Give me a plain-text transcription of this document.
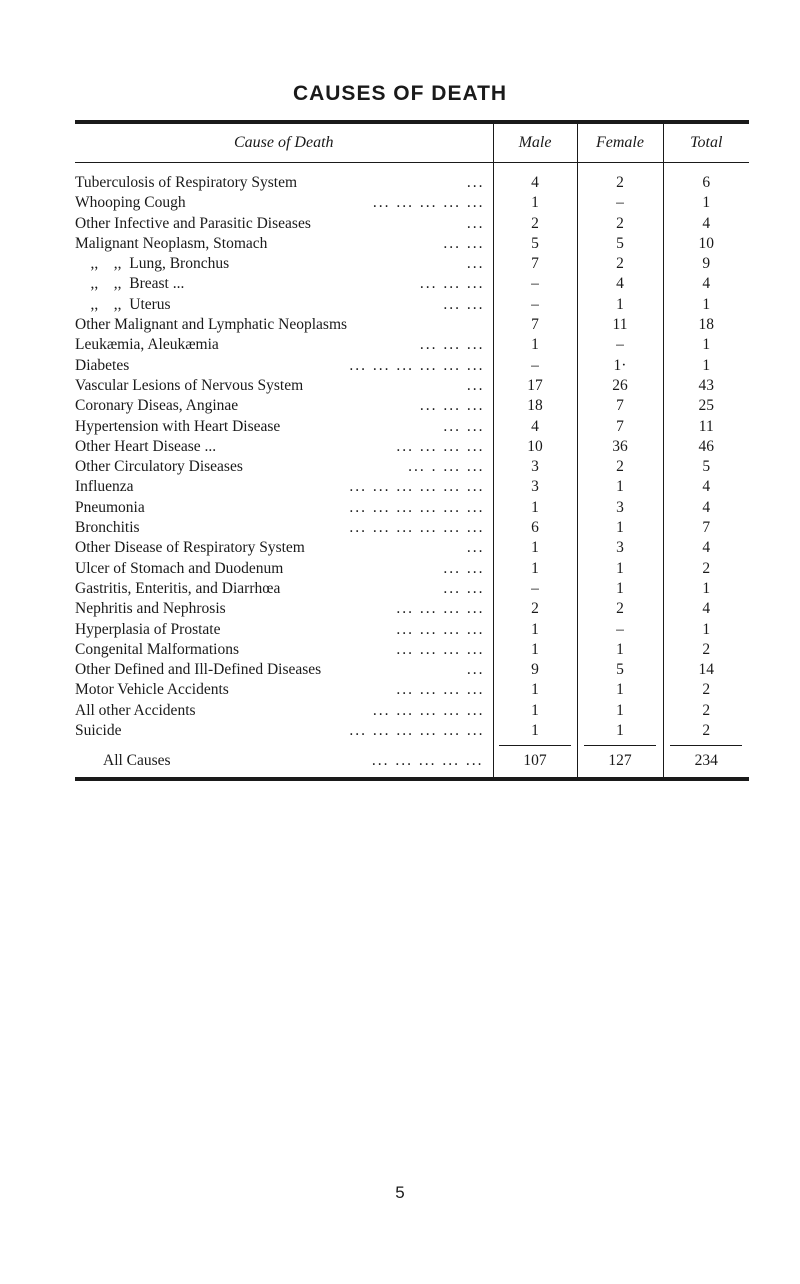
CAUSES OF DEATH
Cause of Death	Male	Female	Total

Tuberculosis of Respiratory System ...	4	2	6

Whooping Cough ... ... ... ... ...	1	–	1

Other Infective and Parasitic Diseases ...	2	2	4

Malignant Neoplasm, Stomach ... ...	5	5	10

,,    ,,  Lung, Bronchus ...	7	2	9

,,    ,,  Breast ... ... ... ...	–	4	4

,,    ,,  Uterus ... ...	–	1	1

Other Malignant and Lymphatic Neoplasms	7	11	18

Leukæmia, Aleukæmia ... ... ...	1	–	1

Diabetes ... ... ... ... ... ...	–	1·	1

Vascular Lesions of Nervous System ...	17	26	43

Coronary Diseas, Anginae ... ... ...	18	7	25

Hypertension with Heart Disease ... ...	4	7	11

Other Heart Disease ... ... ... ... ...	10	36	46

Other Circulatory Diseases ... . ... ...	3	2	5

Influenza ... ... ... ... ... ...	3	1	4

Pneumonia ... ... ... ... ... ...	1	3	4

Bronchitis ... ... ... ... ... ...	6	1	7

Other Disease of Respiratory System ...	1	3	4

Ulcer of Stomach and Duodenum ... ...	1	1	2

Gastritis, Enteritis, and Diarrhœa ... ...	–	1	1

Nephritis and Nephrosis ... ... ... ...	2	2	4

Hyperplasia of Prostate ... ... ... ...	1	–	1

Congenital Malformations ... ... ... ...	1	1	2

Other Defined and Ill-Defined Diseases ...	9	5	14

Motor Vehicle Accidents ... ... ... ...	1	1	2

All other Accidents ... ... ... ... ...	1	1	2

Suicide ... ... ... ... ... ...	1	1	2

All Causes ... ... ... ... ...	107	127	234
5
